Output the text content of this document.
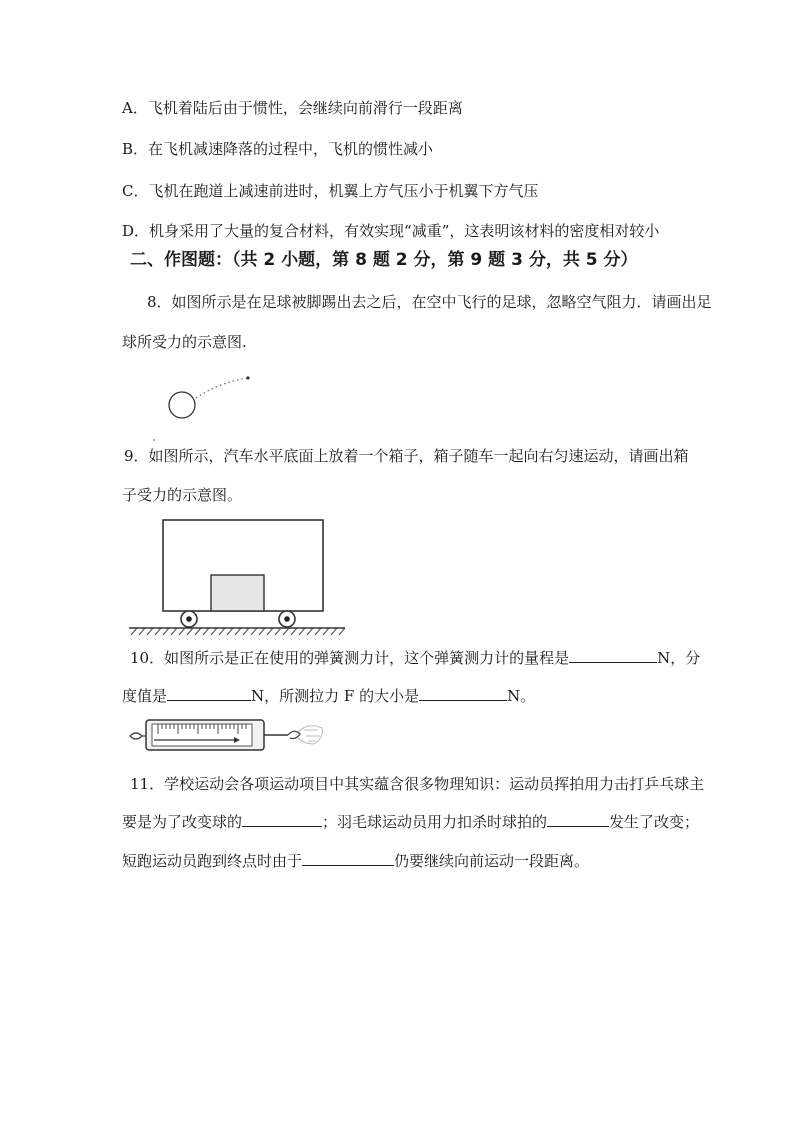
A．飞机着陆后由于惯性，会继续向前滑行一段距离
B．在飞机减速降落的过程中，飞机的惯性减小
C．飞机在跑道上减速前进时，机翼上方气压小于机翼下方气压
D．机身采用了大量的复合材料，有效实现“减重”，这表明该材料的密度相对较小
二、作图题：（共 2 小题，第 8 题 2 分，第 9 题 3 分，共 5 分）
8．如图所示是在足球被脚踢出去之后，在空中飞行的足球，忽略空气阻力．请画出足
球所受力的示意图.
9．如图所示，汽车水平底面上放着一个箱子，箱子随车一起向右匀速运动，请画出箱
子受力的示意图。
10．如图所示是正在使用的弹簧测力计，这个弹簧测力计的量程是	N，分
度值是	N，所测拉力 F 的大小是	N。
11．学校运动会各项运动项目中其实蕴含很多物理知识：运动员挥拍用力击打乒乓球主
要是为了改变球的	；羽毛球运动员用力扣杀时球拍的	发生了改变；
短跑运动员跑到终点时由于	仍要继续向前运动一段距离。
